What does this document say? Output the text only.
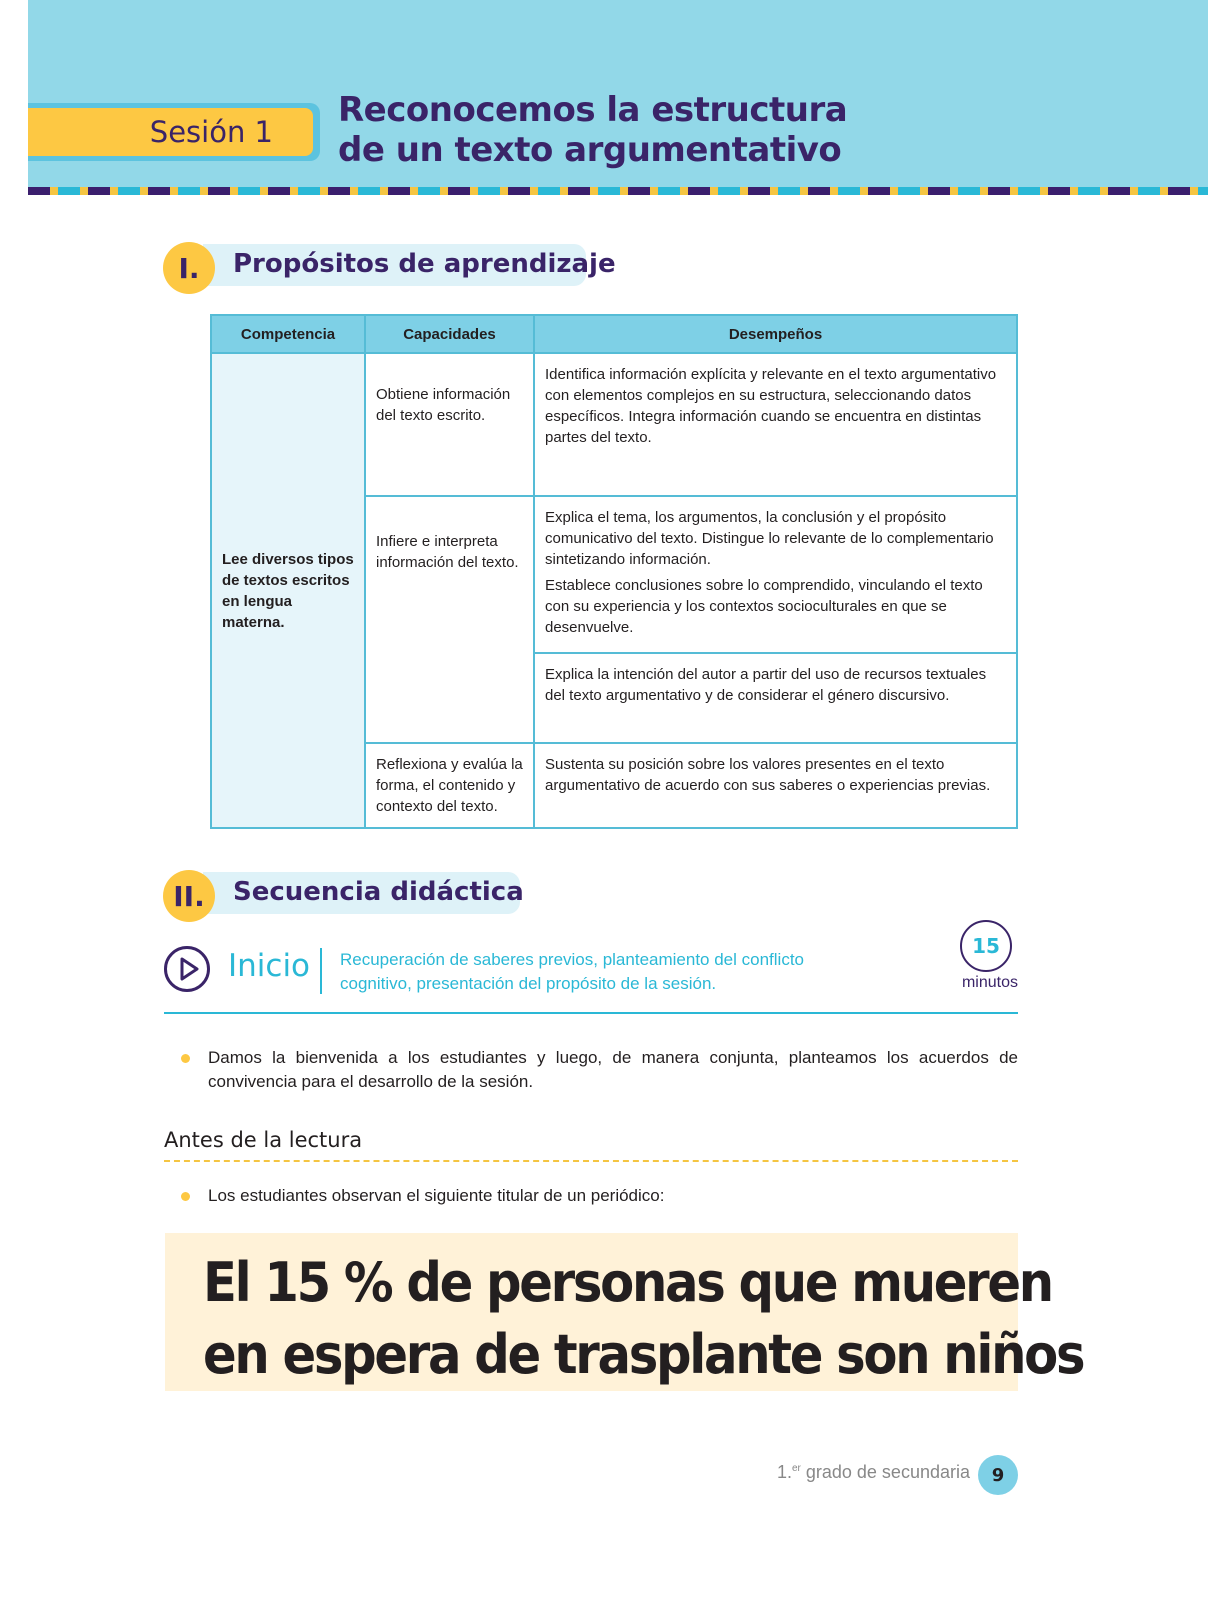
Sesión 1
Reconocemos la estructura
de un texto argumentativo
Propósitos de aprendizaje
I.
Competencia	Capacidades	Desempeños
Lee diversos tipos de textos escritos en lengua materna.	Obtiene información del texto escrito.	Identifica información explícita y relevante en el texto argumentativo con elementos complejos en su estructura, seleccionando datos específicos. Integra información cuando se encuentra en distintas partes del texto.
	Infiere e interpreta información del texto.	Explica el tema, los argumentos, la conclusión y el propósito comunicativo del texto. Distingue lo relevante de lo complementario sintetizando información.
Establece conclusiones sobre lo comprendido, vinculando el texto con su experiencia y los contextos socioculturales en que se desenvuelve.

		Explica la intención del autor a partir del uso de recursos textuales del texto argumentativo y de considerar el género discursivo.
	Reflexiona y evalúa la forma, el contenido y contexto del texto.	Sustenta su posición sobre los valores presentes en el texto argumentativo de acuerdo con sus saberes o experiencias previas.
Secuencia didáctica
II.
Inicio Recuperación de saberes previos, planteamiento del conflicto
cognitivo, presentación del propósito de la sesión.
15
minutos
Damos la bienvenida a los estudiantes y luego, de manera conjunta, planteamos los acuerdos de convivencia para el desarrollo de la sesión.
Antes de la lectura
Los estudiantes observan el siguiente titular de un periódico:
El 15 % de personas que mueren
en espera de trasplante son niños
1.$^{er}$ grado de secundaria	9
